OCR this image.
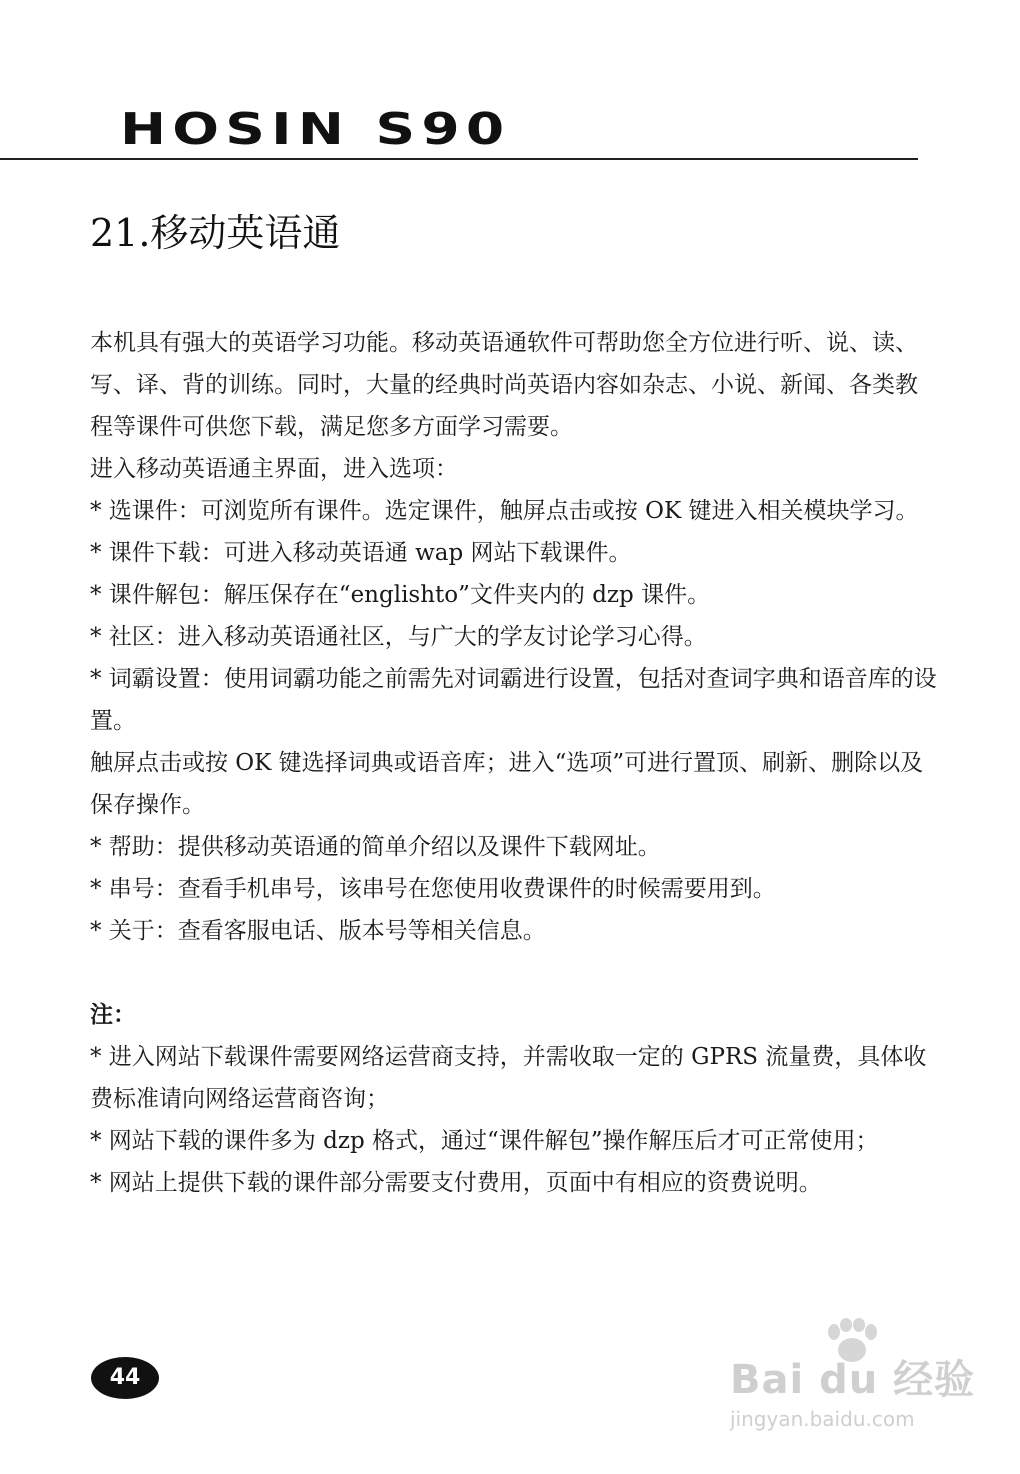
HOSIN S90
21.移动英语通

本机具有强大的英语学习功能。移动英语通软件可帮助您全方位进行听、说、读、写、译、背的训练。同时，大量的经典时尚英语内容如杂志、小说、新闻、各类教程等课件可供您下载，满足您多方面学习需要。

进入移动英语通主界面，进入选项：

* 选课件：可浏览所有课件。选定课件，触屏点击或按 OK 键进入相关模块学习。

* 课件下载：可进入移动英语通 wap 网站下载课件。

* 课件解包：解压保存在“englishto”文件夹内的 dzp 课件。

* 社区：进入移动英语通社区，与广大的学友讨论学习心得。

* 词霸设置：使用词霸功能之前需先对词霸进行设置，包括对查词字典和语音库的设置。

触屏点击或按 OK 键选择词典或语音库；进入“选项”可进行置顶、刷新、删除以及保存操作。

* 帮助：提供移动英语通的简单介绍以及课件下载网址。

* 串号：查看手机串号，该串号在您使用收费课件的时候需要用到。

* 关于：查看客服电话、版本号等相关信息。

注：

* 进入网站下载课件需要网络运营商支持，并需收取一定的 GPRS 流量费，具体收费标准请向网络运营商咨询；

* 网站下载的课件多为 dzp 格式，通过“课件解包”操作解压后才可正常使用；

* 网站上提供下载的课件部分需要支付费用，页面中有相应的资费说明。

44	Bai du 经验
jingyan.baidu.com
